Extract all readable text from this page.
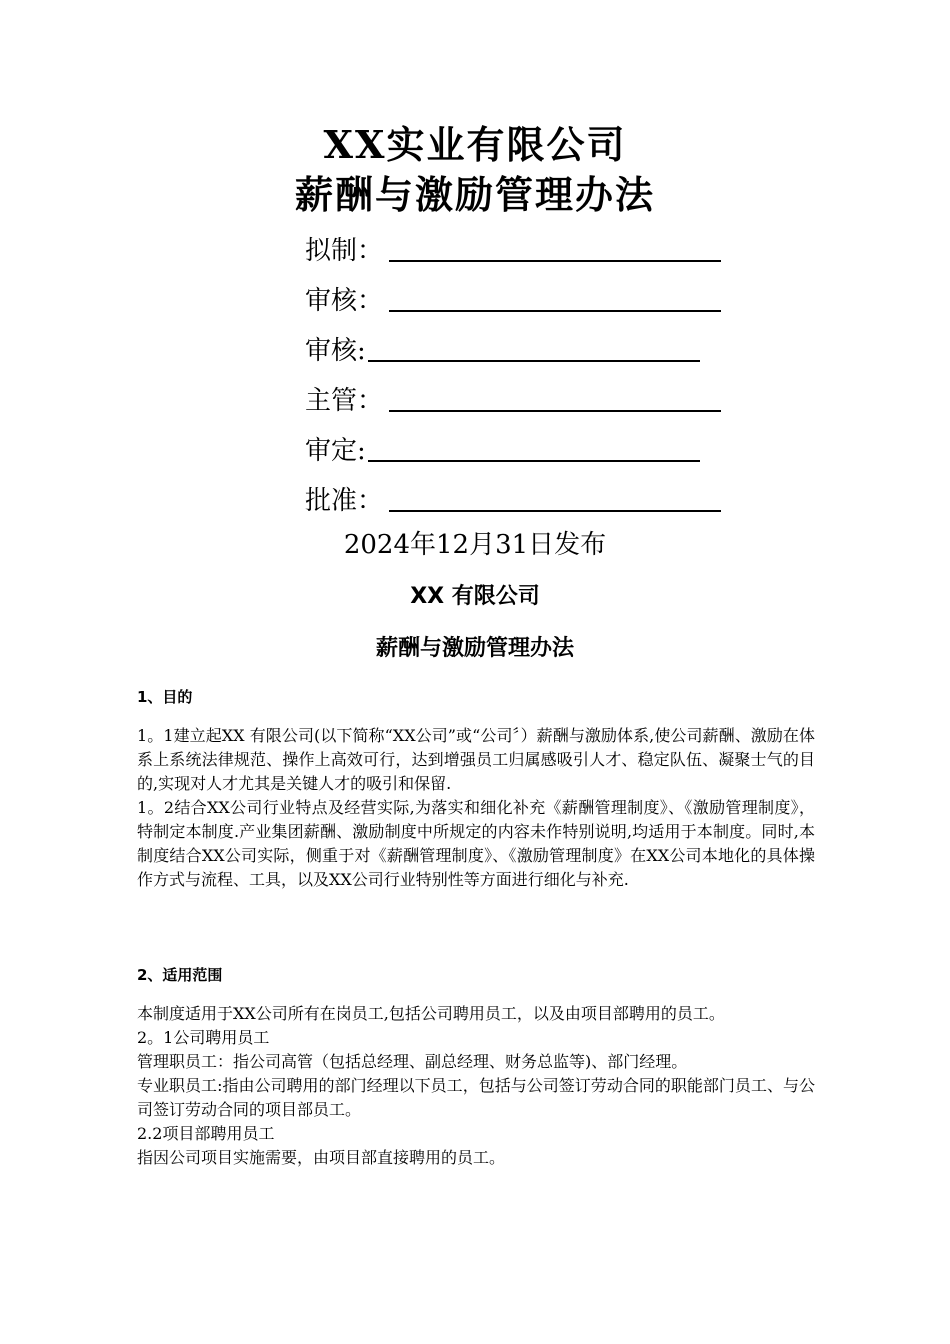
XX实业有限公司
薪酬与激励管理办法
拟制：
审核：
审核:
主管：
审定:
批准：
2024年12月31日发布
XX 有限公司
薪酬与激励管理办法
1、目的

1。1建立起XX 有限公司(以下简称“XX公司”或“公司〞）薪酬与激励体系,使公司薪酬、激励在体系上系统法律规范、操作上高效可行，达到增强员工归属感吸引人才、稳定队伍、凝聚士气的目的,实现对人才尤其是关键人才的吸引和保留.

1。2结合XX公司行业特点及经营实际,为落实和细化补充《薪酬管理制度》、《激励管理制度》，特制定本制度.产业集团薪酬、激励制度中所规定的内容未作特别说明,均适用于本制度。同时,本制度结合XX公司实际，侧重于对《薪酬管理制度》、《激励管理制度》在XX公司本地化的具体操作方式与流程、工具，以及XX公司行业特别性等方面进行细化与补充.

2、适用范围

本制度适用于XX公司所有在岗员工,包括公司聘用员工，以及由项目部聘用的员工。

2。1公司聘用员工

管理职员工：指公司高管（包括总经理、副总经理、财务总监等)、部门经理。

专业职员工:指由公司聘用的部门经理以下员工，包括与公司签订劳动合同的职能部门员工、与公司签订劳动合同的项目部员工。

2.2项目部聘用员工

指因公司项目实施需要，由项目部直接聘用的员工。
